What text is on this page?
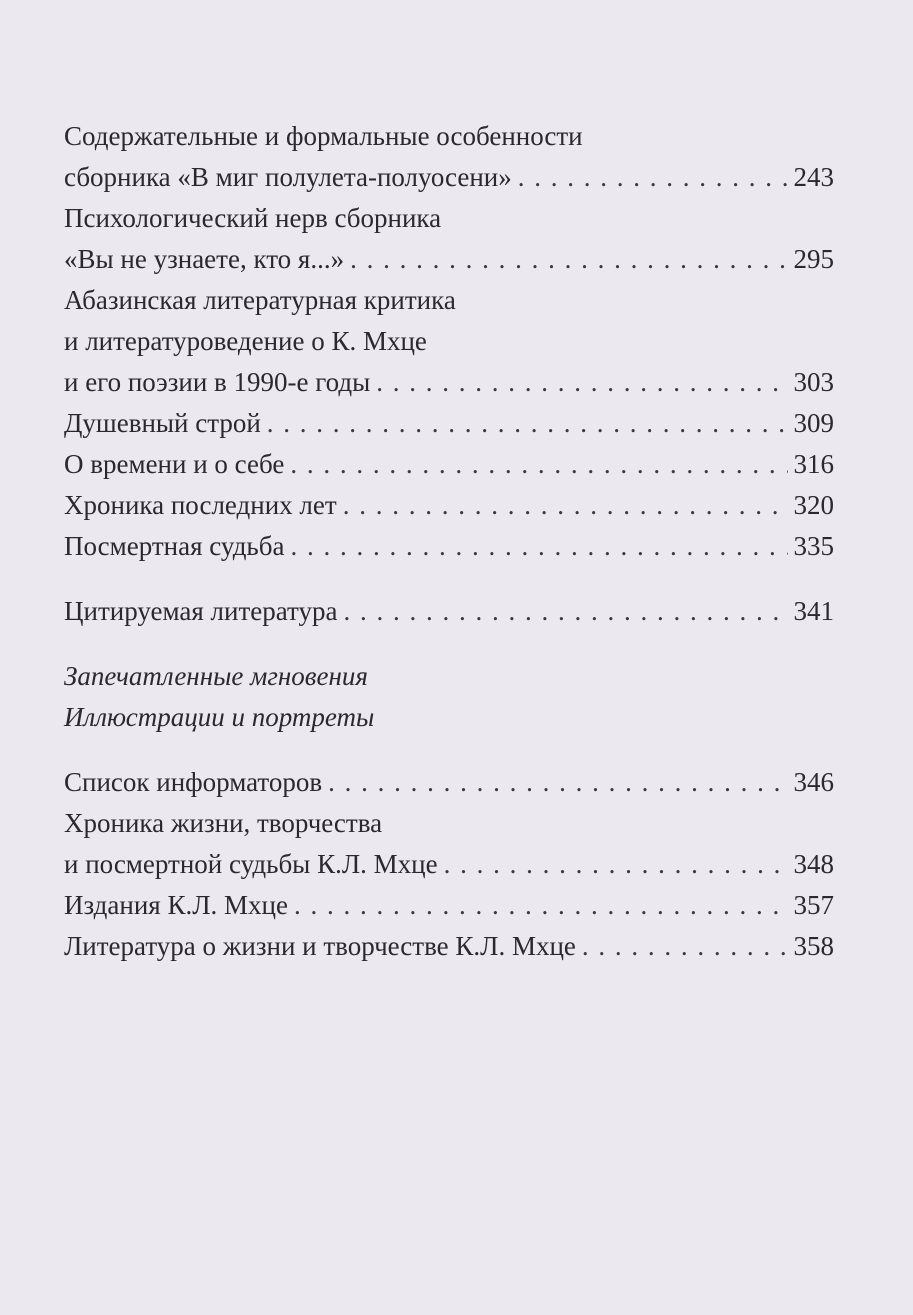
Содержательные и формальные особенности
сборника «В миг полулета-полуосени» . . .	243
Психологический нерв сборника
«Вы не узнаете, кто я...» . . .	295
Абазинская литературная критика
и литературоведение о К. Мхце
и его поэзии в 1990-е годы . . .	303
Душевный строй . . .	309
О времени и о себе . . .	316
Хроника последних лет . . .	320
Посмертная судьба . . .	335
Цитируемая литература . . .	341
Запечатленные мгновения
Иллюстрации и портреты
Список информаторов . . .	346
Хроника жизни, творчества
и посмертной судьбы К.Л. Мхце . . .	348
Издания К.Л. Мхце . . .	357
Литература о жизни и творчестве К.Л. Мхце . . .	358
